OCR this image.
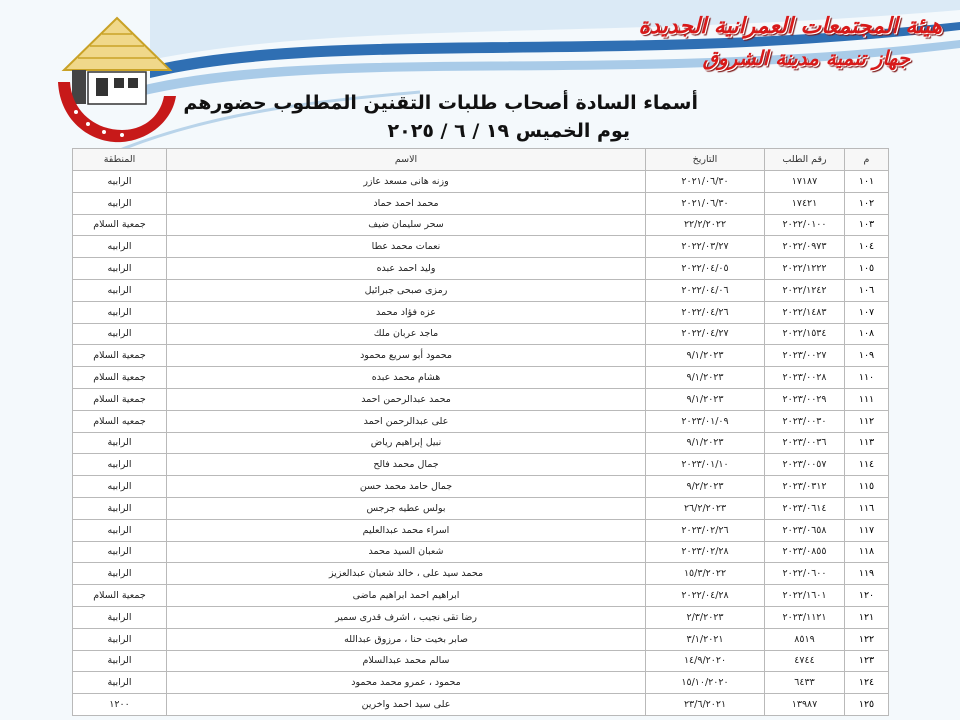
هيئة المجتمعات العمرانية الجديدة
جهاز تنمية مدينة الشروق
أسماء السادة أصحاب طلبات التقنين المطلوب حضورهم
يوم الخميس ١٩ / ٦ / ٢٠٢٥
م	رقم الطلب	التاريخ	الاسم	المنطقة
١٠١	١٧١٨٧	٢٠٢١/٠٦/٣٠	وزنه هانى مسعد عازر	الرابيه
١٠٢	١٧٤٢١	٢٠٢١/٠٦/٣٠	محمد احمد حماد	الرابيه
١٠٣	٢٠٢٢/٠١٠٠	٢٢/٢/٢٠٢٢	سحر سليمان ضيف	جمعية السلام
١٠٤	٢٠٢٢/٠٩٧٣	٢٠٢٢/٠٣/٢٧	نعمات محمد عطا	الرابيه
١٠٥	٢٠٢٢/١٢٢٢	٢٠٢٢/٠٤/٠٥	وليد احمد عبده	الرابيه
١٠٦	٢٠٢٢/١٢٤٢	٢٠٢٢/٠٤/٠٦	رمزى صبحى جبرائيل	الرابيه
١٠٧	٢٠٢٢/١٤٨٣	٢٠٢٢/٠٤/٢٦	عزه فؤاد محمد	الرابيه
١٠٨	٢٠٢٢/١٥٣٤	٢٠٢٢/٠٤/٢٧	ماجد عربان ملك	الرابيه
١٠٩	٢٠٢٣/٠٠٢٧	٩/١/٢٠٢٣	محمود أبو سريع محمود	جمعية السلام
١١٠	٢٠٢٣/٠٠٢٨	٩/١/٢٠٢٣	هشام محمد عبده	جمعية السلام
١١١	٢٠٢٣/٠٠٢٩	٩/١/٢٠٢٣	محمد عبدالرحمن احمد	جمعية السلام
١١٢	٢٠٢٣/٠٠٣٠	٢٠٢٣/٠١/٠٩	على عبدالرحمن احمد	جمعيه السلام
١١٣	٢٠٢٣/٠٠٣٦	٩/١/٢٠٢٣	نبيل إبراهيم رياض	الرابية
١١٤	٢٠٢٣/٠٠٥٧	٢٠٢٣/٠١/١٠	جمال محمد فالح	الرابيه
١١٥	٢٠٢٣/٠٣١٢	٩/٢/٢٠٢٣	جمال حامد محمد حسن	الرابيه
١١٦	٢٠٢٣/٠٦١٤	٢٦/٢/٢٠٢٣	بولس عطيه جرجس	الرابية
١١٧	٢٠٢٣/٠٦٥٨	٢٠٢٣/٠٢/٢٦	اسراء محمد عبدالعليم	الرابيه
١١٨	٢٠٢٣/٠٨٥٥	٢٠٢٣/٠٢/٢٨	شعبان السيد محمد	الرابيه
١١٩	٢٠٢٢/٠٦٠٠	١٥/٣/٢٠٢٢	محمد سيد على ، خالد شعبان عبدالعزيز	الرابية
١٢٠	٢٠٢٢/١٦٠١	٢٠٢٢/٠٤/٢٨	ابراهيم احمد ابراهيم ماضى	جمعية السلام
١٢١	٢٠٢٣/١١٢١	٢/٣/٢٠٢٣	رضا تقى نجيب ، اشرف قدرى سمير	الرابية
١٢٢	٨٥١٩	٣/١/٢٠٢١	صابر بخيت حنا ، مرزوق عبدالله	الرابية
١٢٣	٤٧٤٤	١٤/٩/٢٠٢٠	سالم محمد عبدالسلام	الرابية
١٢٤	٦٤٣٣	١٥/١٠/٢٠٢٠	محمود ، عمرو محمد محمود	الرابية
١٢٥	١٣٩٨٧	٢٣/٦/٢٠٢١	على سيد احمد واخرين	١٢٠٠
